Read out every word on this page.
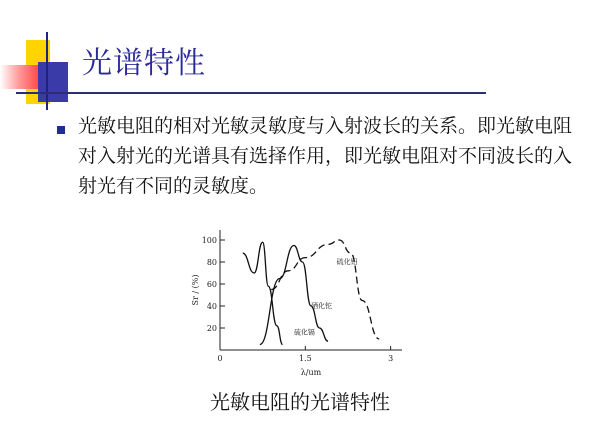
光谱特性
光敏电阻的相对光敏灵敏度与入射波长的关系。即光敏电阻对入射光的光谱具有选择作用，即光敏电阻对不同波长的入射光有不同的灵敏度。
100
80
60
40
20
0	1.5	3
Sr / (%)
λ/um
硫化镉
硒化铊
硫化铅
光敏电阻的光谱特性
